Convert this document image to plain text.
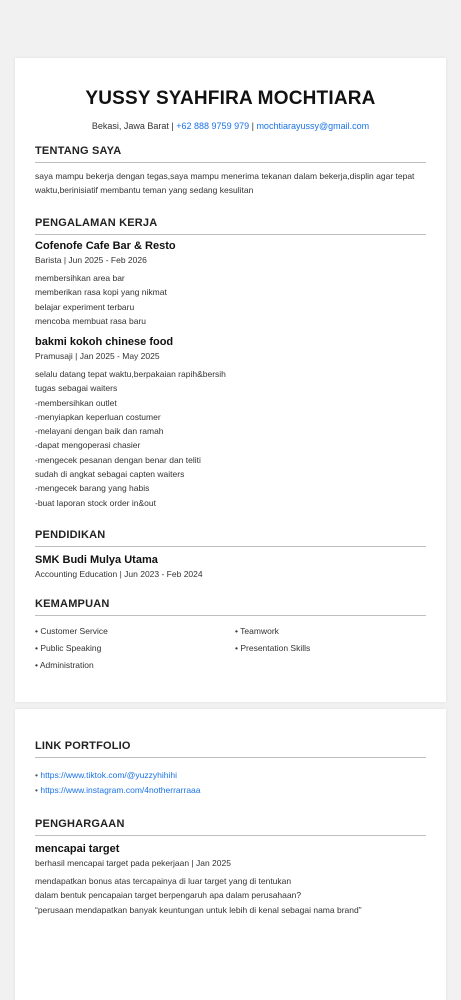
YUSSY SYAHFIRA MOCHTIARA
Bekasi, Jawa Barat | +62 888 9759 979 | mochtiarayussy@gmail.com
TENTANG SAYA
saya mampu bekerja dengan tegas,saya mampu menerima tekanan dalam bekerja,displin agar tepat waktu,berinisiatif membantu teman yang sedang kesulitan
PENGALAMAN KERJA
Cofenofe Cafe Bar & Resto
Barista | Jun 2025 - Feb 2026
membersihkan area bar
memberikan rasa kopi yang nikmat
belajar experiment terbaru
mencoba membuat rasa baru
bakmi kokoh chinese food
Pramusaji | Jan 2025 - May 2025
selalu datang tepat waktu,berpakaian rapih&bersih
tugas sebagai waiters
-membersihkan outlet
-menyiapkan keperluan costumer
-melayani dengan baik dan ramah
-dapat mengoperasi chasier
-mengecek pesanan dengan benar dan teliti
sudah di angkat sebagai capten waiters
-mengecek barang yang habis
-buat laporan stock order in&out
PENDIDIKAN
SMK Budi Mulya Utama
Accounting Education | Jun 2023 - Feb 2024
KEMAMPUAN
• Customer Service	• Teamwork
• Public Speaking	• Presentation Skills
• Administration
LINK PORTFOLIO
• https://www.tiktok.com/@yuzzyhihihi
• https://www.instagram.com/4notherrarraaa
PENGHARGAAN
mencapai target
berhasil mencapai target pada pekerjaan | Jan 2025
mendapatkan bonus atas tercapainya di luar target yang di tentukan
dalam bentuk pencapaian target berpengaruh apa dalam perusahaan?
“perusaan mendapatkan banyak keuntungan untuk lebih di kenal sebagai nama brand”
